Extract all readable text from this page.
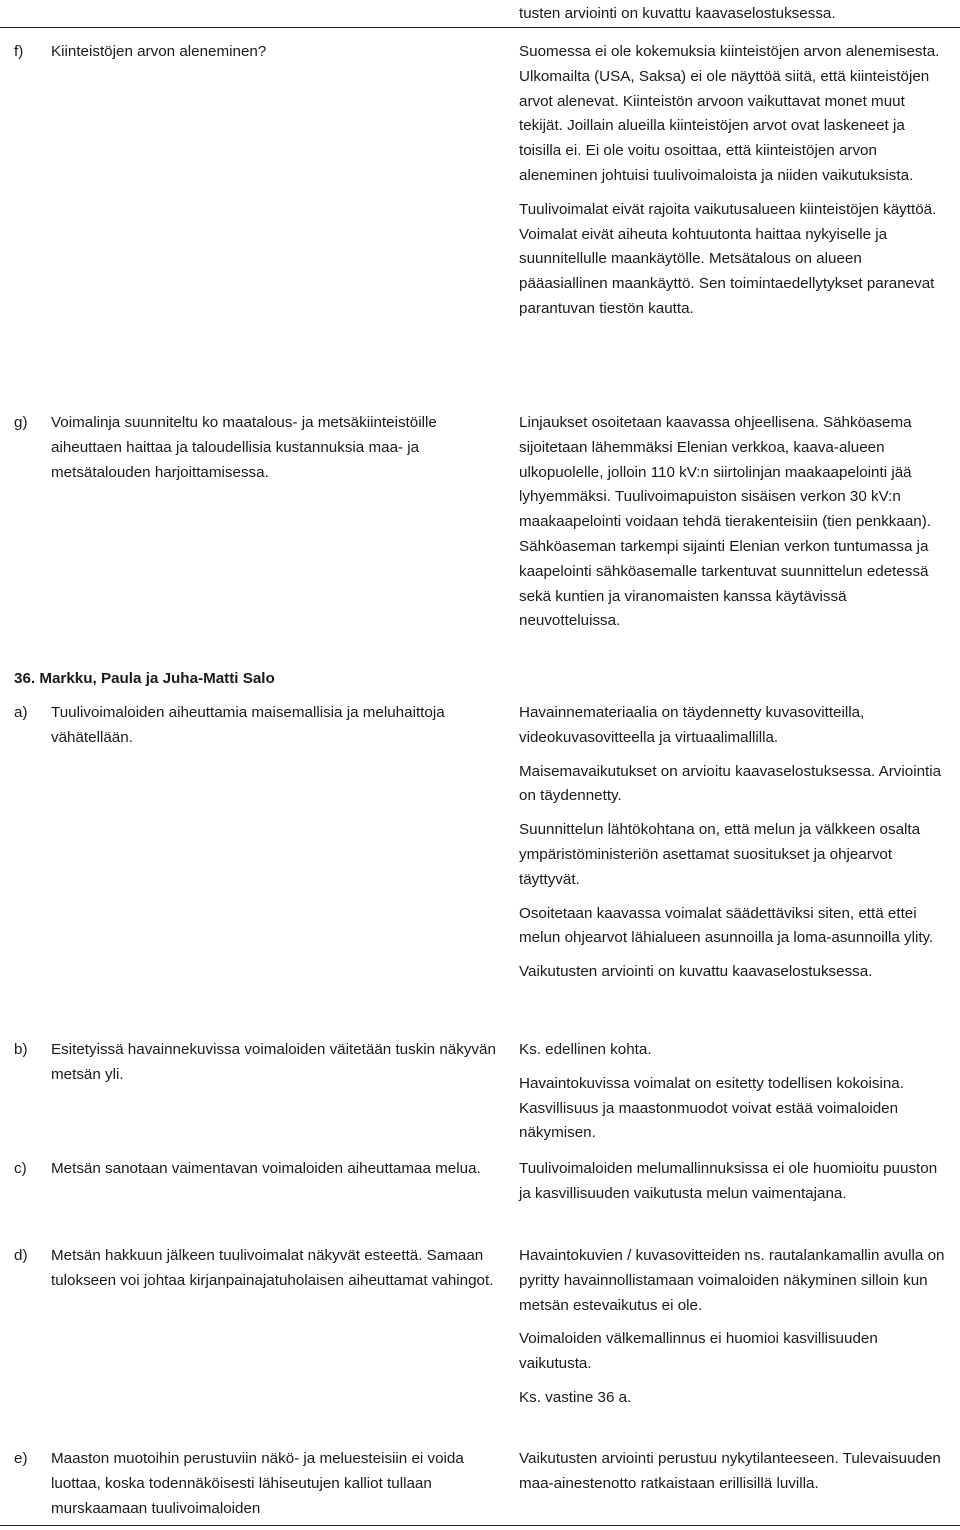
tusten arviointi on kuvattu kaavaselostuksessa.
f) Kiinteistöjen arvon aleneminen?	Suomessa ei ole kokemuksia kiinteistöjen arvon alenemisesta. Ulkomailta (USA, Saksa) ei ole näyttöä siitä, että kiinteistöjen arvot alenevat. Kiinteistön arvoon vaikuttavat monet muut tekijät. Joillain alueilla kiinteistöjen arvot ovat laskeneet ja toisilla ei. Ei ole voitu osoittaa, että kiinteistöjen arvon aleneminen johtuisi tuulivoimaloista ja niiden vaikutuksista.

Tuulivoimalat eivät rajoita vaikutusalueen kiinteistöjen käyttöä. Voimalat eivät aiheuta kohtuutonta haittaa nykyiselle ja suunnitellulle maankäytölle. Metsätalous on alueen pääasiallinen maankäyttö. Sen toimintaedellytykset paranevat parantuvan tiestön kautta.

g) Voimalinja suunniteltu ko maatalous- ja metsäkiinteistöille aiheuttaen haittaa ja taloudellisia kustannuksia maa- ja metsätalouden harjoittamisessa.

Linjaukset osoitetaan kaavassa ohjeellisena. Sähköasema sijoitetaan lähemmäksi Elenian verkkoa, kaava-alueen ulkopuolelle, jolloin 110 kV:n siirtolinjan maakaapelointi jää lyhyemmäksi. Tuulivoimapuiston sisäisen verkon 30 kV:n maakaapelointi voidaan tehdä tierakenteisiin (tien penkkaan). Sähköaseman tarkempi sijainti Elenian verkon tuntumassa ja kaapelointi sähköasemalle tarkentuvat suunnittelun edetessä sekä kuntien ja viranomaisten kanssa käytävissä neuvotteluissa.

36. Markku, Paula ja Juha-Matti Salo
a) Tuulivoimaloiden aiheuttamia maisemallisia ja meluhaittoja vähätellään.

Havainnemateriaalia on täydennetty kuvasovitteilla, videokuvasovitteella ja virtuaalimallilla.

Maisemavaikutukset on arvioitu kaavaselostuksessa. Arviointia on täydennetty.

Suunnittelun lähtökohtana on, että melun ja välkkeen osalta ympäristöministeriön asettamat suositukset ja ohjearvot täyttyvät.

Osoitetaan kaavassa voimalat säädettäviksi siten, että ettei melun ohjearvot lähialueen asunnoilla ja loma-asunnoilla ylity.

Vaikutusten arviointi on kuvattu kaavaselostuksessa.

b) Esitetyissä havainnekuvissa voimaloiden väitetään tuskin näkyvän metsän yli.

Ks. edellinen kohta.

Havaintokuvissa voimalat on esitetty todellisen kokoisina. Kasvillisuus ja maastonmuodot voivat estää voimaloiden näkymisen.

c) Metsän sanotaan vaimentavan voimaloiden aiheuttamaa melua.	Tuulivoimaloiden melumallinnuksissa ei ole huomioitu puuston ja kasvillisuuden vaikutusta melun vaimentajana.

d) Metsän hakkuun jälkeen tuulivoimalat näkyvät esteettä. Samaan tulokseen voi johtaa kirjanpainajatuholaisen aiheuttamat vahingot.

Havaintokuvien / kuvasovitteiden ns. rautalankamallin avulla on pyritty havainnollistamaan voimaloiden näkyminen silloin kun metsän estevaikutus ei ole.

Voimaloiden välkemallinnus ei huomioi kasvillisuuden vaikutusta.

Ks. vastine 36 a.

e) Maaston muotoihin perustuviin näkö- ja meluesteisiin ei voida luottaa, koska todennäköisesti lähiseutujen kalliot tullaan murskaamaan tuulivoimaloiden

Vaikutusten arviointi perustuu nykytilanteeseen. Tulevaisuuden maa-ainestenotto ratkaistaan erillisillä luvilla.
